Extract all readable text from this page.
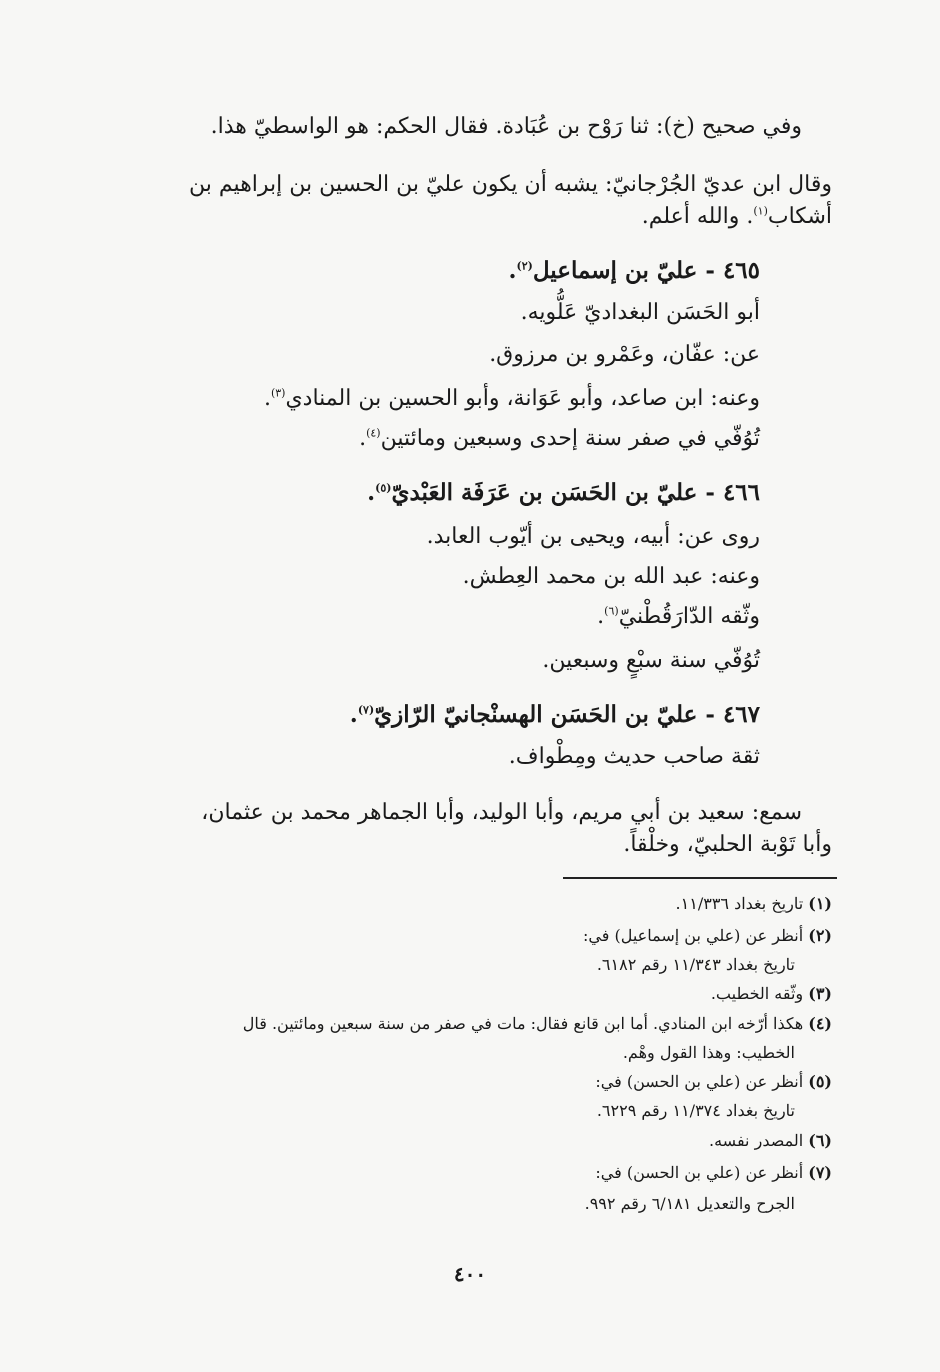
وفي صحيح (خ): ثنا رَوْح بن عُبَادة. فقال الحكم: هو الواسطيّ هذا.
وقال ابن عديّ الجُرْجانيّ: يشبه أن يكون عليّ بن الحسين بن إبراهيم بن
أشكاب$^{(١)}$. والله أعلم.
٤٦٥ - عليّ بن إسماعيل$^{(٢)}$.
أبو الحَسَن البغداديّ عَلُّويه.
عن: عفّان، وعَمْرو بن مرزوق.
وعنه: ابن صاعد، وأبو عَوَانة، وأبو الحسين بن المنادي$^{(٣)}$.
تُوُفّي في صفر سنة إحدى وسبعين ومائتين$^{(٤)}$.
٤٦٦ - عليّ بن الحَسَن بن عَرَفَة العَبْديّ$^{(٥)}$.
روى عن: أبيه، ويحيى بن أيّوب العابد.
وعنه: عبد الله بن محمد العِطش.
وثّقه الدّارَقُطْنيّ$^{(٦)}$.
تُوُفّي سنة سبْعٍ وسبعين.
٤٦٧ - عليّ بن الحَسَن الهسنْجانيّ الرّازيّ$^{(٧)}$.
ثقة صاحب حديث ومِطْواف.
سمع: سعيد بن أبي مريم، وأبا الوليد، وأبا الجماهر محمد بن عثمان،
وأبا تَوْبة الحلبيّ، وخلْقاً.
(١) تاريخ بغداد ١١/٣٣٦.
(٢) أنظر عن (علي بن إسماعيل) في:
تاريخ بغداد ١١/٣٤٣ رقم ٦١٨٢.
(٣) وثّقه الخطيب.
(٤) هكذا أرّخه ابن المنادي. أما ابن قانع فقال: مات في صفر من سنة سبعين ومائتين. قال
الخطيب: وهذا القول وهْم.
(٥) أنظر عن (علي بن الحسن) في:
تاريخ بغداد ١١/٣٧٤ رقم ٦٢٢٩.
(٦) المصدر نفسه.
(٧) أنظر عن (علي بن الحسن) في:
الجرح والتعديل ٦/١٨١ رقم ٩٩٢.
٤٠٠
